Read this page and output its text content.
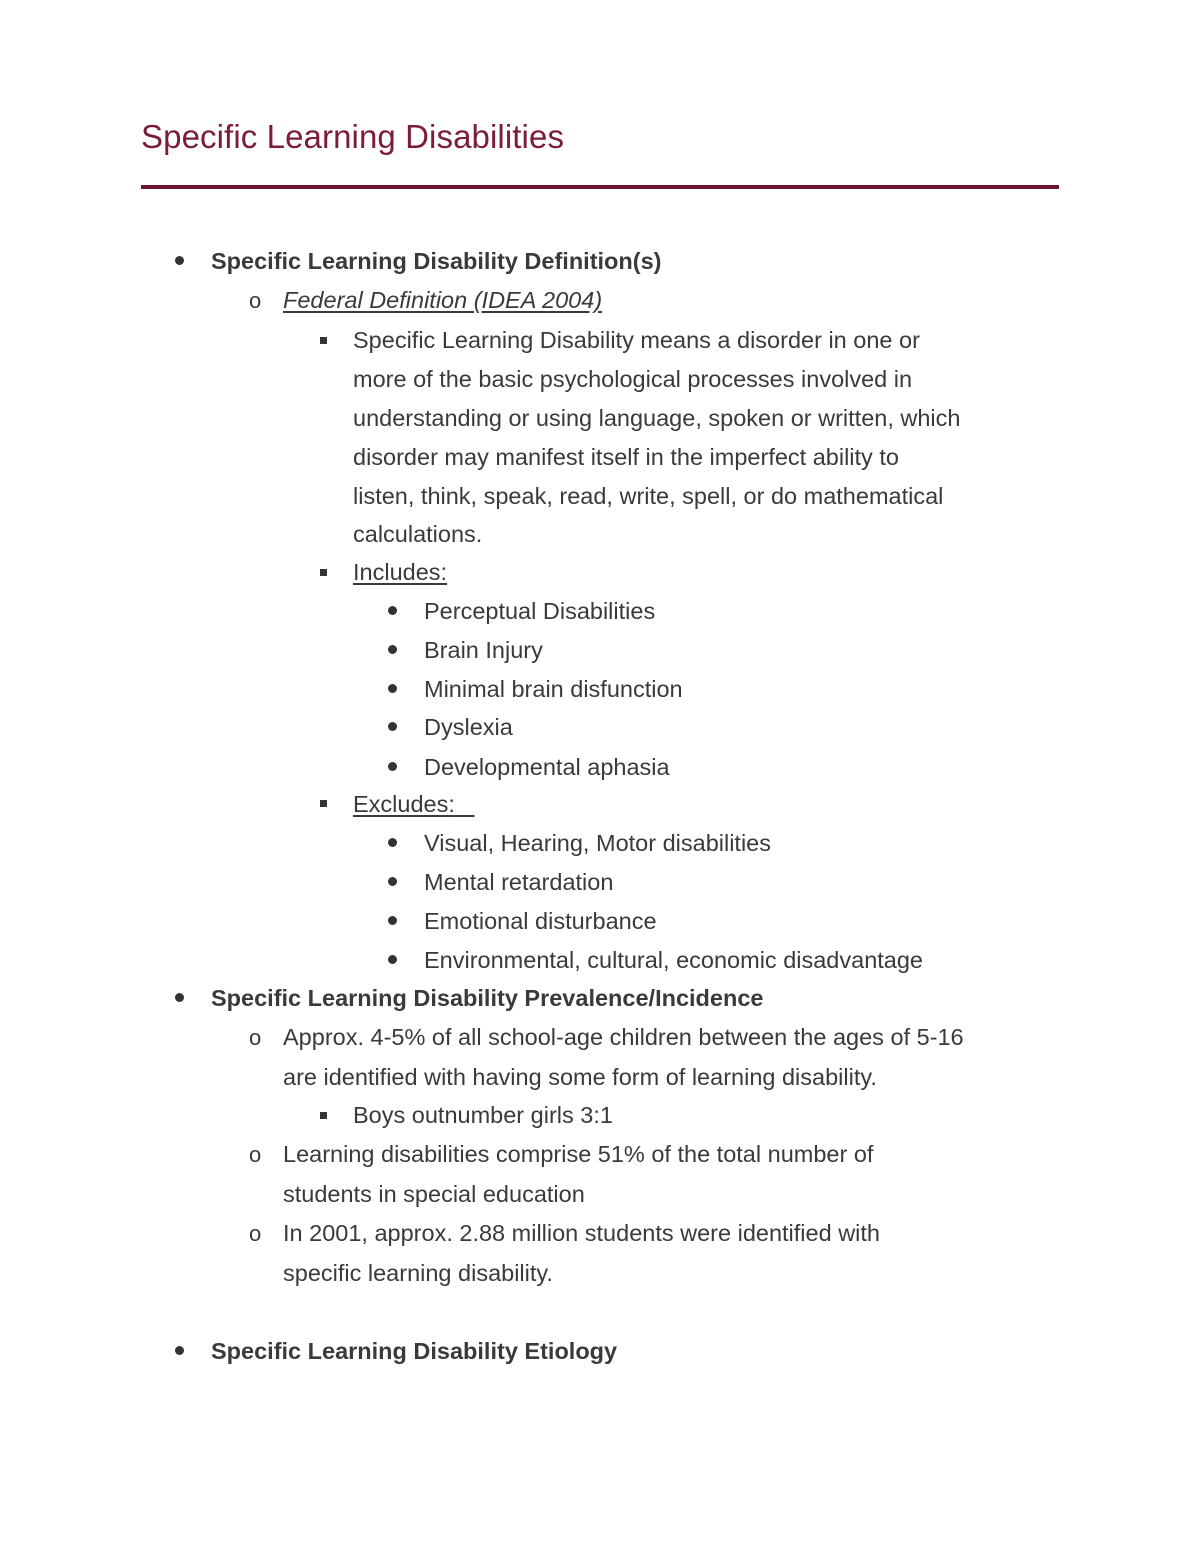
Specific Learning Disabilities
Specific Learning Disability Definition(s)
o Federal Definition (IDEA 2004)
Specific Learning Disability means a disorder in one or
more of the basic psychological processes involved in
understanding or using language, spoken or written, which
disorder may manifest itself in the imperfect ability to
listen, think, speak, read, write, spell, or do mathematical
calculations.
Includes:
Perceptual Disabilities
Brain Injury
Minimal brain disfunction
Dyslexia
Developmental aphasia
Excludes:
Visual, Hearing, Motor disabilities
Mental retardation
Emotional disturbance
Environmental, cultural, economic disadvantage
Specific Learning Disability Prevalence/Incidence
o Approx. 4-5% of all school-age children between the ages of 5-16
are identified with having some form of learning disability.
Boys outnumber girls 3:1
o Learning disabilities comprise 51% of the total number of
students in special education
o In 2001, approx. 2.88 million students were identified with
specific learning disability.
Specific Learning Disability Etiology
